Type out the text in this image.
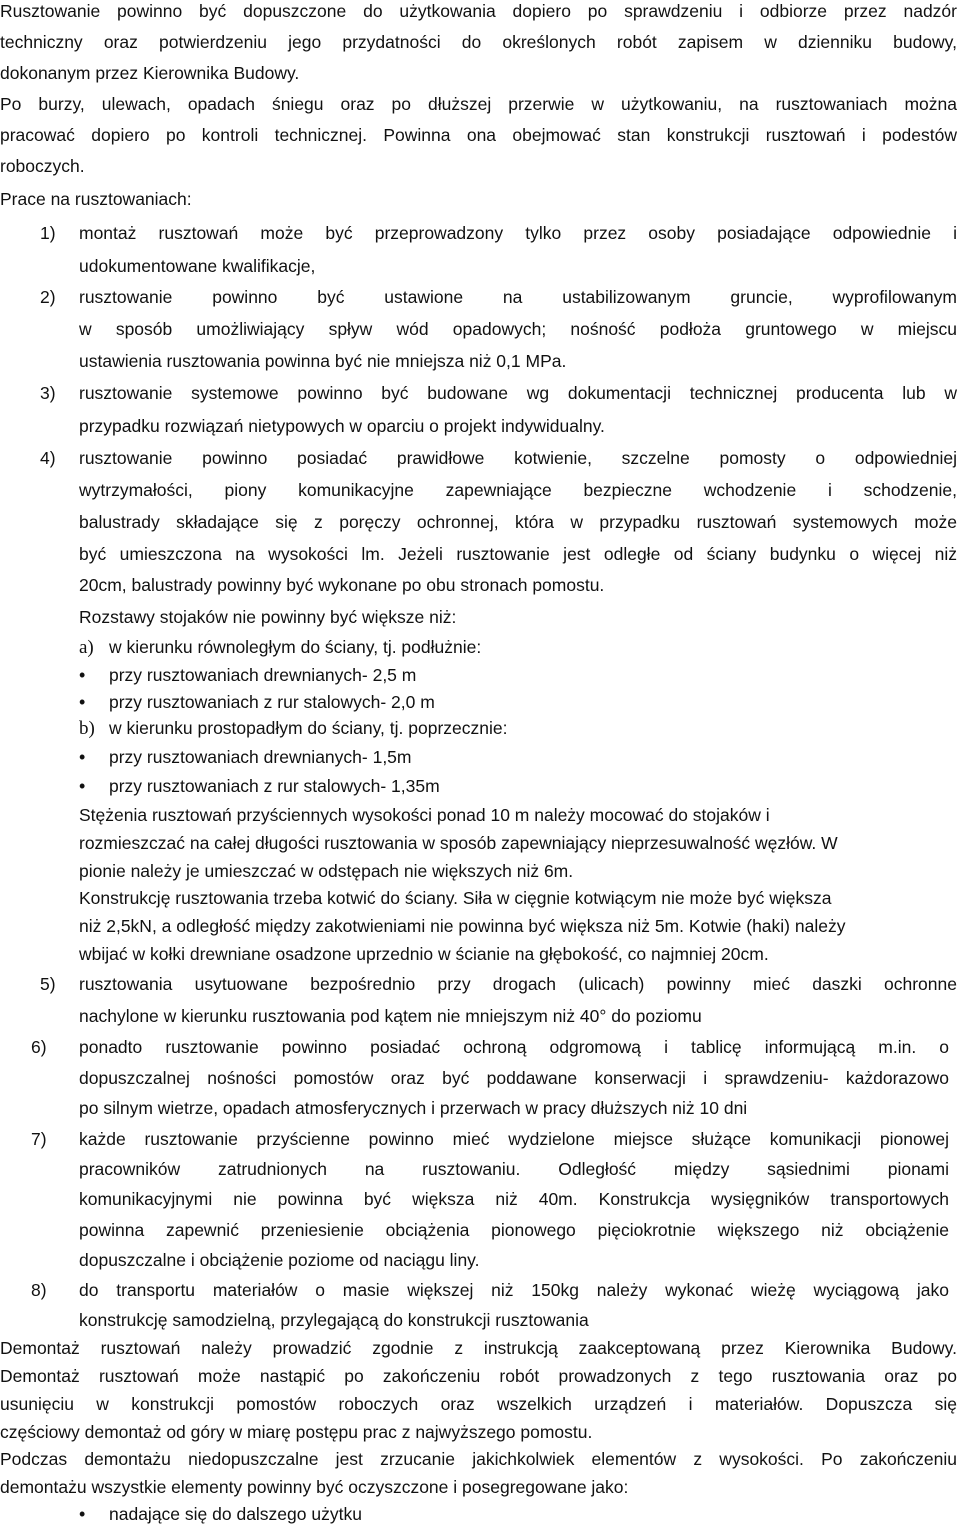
Rusztowanie powinno być dopuszczone do użytkowania dopiero po sprawdzeniu i odbiorze przez nadzór
techniczny oraz potwierdzeniu jego przydatności do określonych robót zapisem w dzienniku budowy,
dokonanym przez Kierownika Budowy.
Po burzy, ulewach, opadach śniegu oraz po dłuższej przerwie w użytkowaniu, na rusztowaniach można
pracować dopiero po kontroli technicznej. Powinna ona obejmować stan konstrukcji rusztowań i podestów
roboczych.
Prace na rusztowaniach:
1) montaż rusztowań może być przeprowadzony tylko przez osoby posiadające odpowiednie i
udokumentowane kwalifikacje,
2) rusztowanie powinno być ustawione na ustabilizowanym gruncie, wyprofilowanym
w sposób umożliwiający spływ wód opadowych; nośność podłoża gruntowego w miejscu
ustawienia rusztowania powinna być nie mniejsza niż 0,1 MPa.
3) rusztowanie systemowe powinno być budowane wg dokumentacji technicznej producenta lub w
przypadku rozwiązań nietypowych w oparciu o projekt indywidualny.
4) rusztowanie powinno posiadać prawidłowe kotwienie, szczelne pomosty o odpowiedniej
wytrzymałości, piony komunikacyjne zapewniające bezpieczne wchodzenie i schodzenie,
balustrady składające się z poręczy ochronnej, która w przypadku rusztowań systemowych może
być umieszczona na wysokości lm. Jeżeli rusztowanie jest odległe od ściany budynku o więcej niż
20cm, balustrady powinny być wykonane po obu stronach pomostu.
Rozstawy stojaków nie powinny być większe niż:
a) w kierunku równoległym do ściany, tj. podłużnie:
• przy rusztowaniach drewnianych- 2,5 m
• przy rusztowaniach z rur stalowych- 2,0 m
b) w kierunku prostopadłym do ściany, tj. poprzecznie:
• przy rusztowaniach drewnianych- 1,5m
• przy rusztowaniach z rur stalowych- 1,35m
Stężenia rusztowań przyściennych wysokości ponad 10 m należy mocować do stojaków i
rozmieszczać na całej długości rusztowania w sposób zapewniający nieprzesuwalność węzłów. W
pionie należy je umieszczać w odstępach nie większych niż 6m.
Konstrukcję rusztowania trzeba kotwić do ściany. Siła w cięgnie kotwiącym nie może być większa
niż 2,5kN, a odległość między zakotwieniami nie powinna być większa niż 5m. Kotwie (haki) należy
wbijać w kołki drewniane osadzone uprzednio w ścianie na głębokość, co najmniej 20cm.
5) rusztowania usytuowane bezpośrednio przy drogach (ulicach) powinny mieć daszki ochronne
nachylone w kierunku rusztowania pod kątem nie mniejszym niż 40° do poziomu
6) ponadto rusztowanie powinno posiadać ochroną odgromową i tablicę informującą m.in. o
dopuszczalnej nośności pomostów oraz być poddawane konserwacji i sprawdzeniu- każdorazowo
po silnym wietrze, opadach atmosferycznych i przerwach w pracy dłuższych niż 10 dni
7) każde rusztowanie przyścienne powinno mieć wydzielone miejsce służące komunikacji pionowej
pracowników zatrudnionych na rusztowaniu. Odległość między sąsiednimi pionami
komunikacyjnymi nie powinna być większa niż 40m. Konstrukcja wysięgników transportowych
powinna zapewnić przeniesienie obciążenia pionowego pięciokrotnie większego niż obciążenie
dopuszczalne i obciążenie poziome od naciągu liny.
8) do transportu materiałów o masie większej niż 150kg należy wykonać wieżę wyciągową jako
konstrukcję samodzielną, przylegającą do konstrukcji rusztowania
Demontaż rusztowań należy prowadzić zgodnie z instrukcją zaakceptowaną przez Kierownika Budowy.
Demontaż rusztowań może nastąpić po zakończeniu robót prowadzonych z tego rusztowania oraz po
usunięciu w konstrukcji pomostów roboczych oraz wszelkich urządzeń i materiałów. Dopuszcza się
częściowy demontaż od góry w miarę postępu prac z najwyższego pomostu.
Podczas demontażu niedopuszczalne jest zrzucanie jakichkolwiek elementów z wysokości. Po zakończeniu
demontażu wszystkie elementy powinny być oczyszczone i posegregowane jako:
• nadające się do dalszego użytku
